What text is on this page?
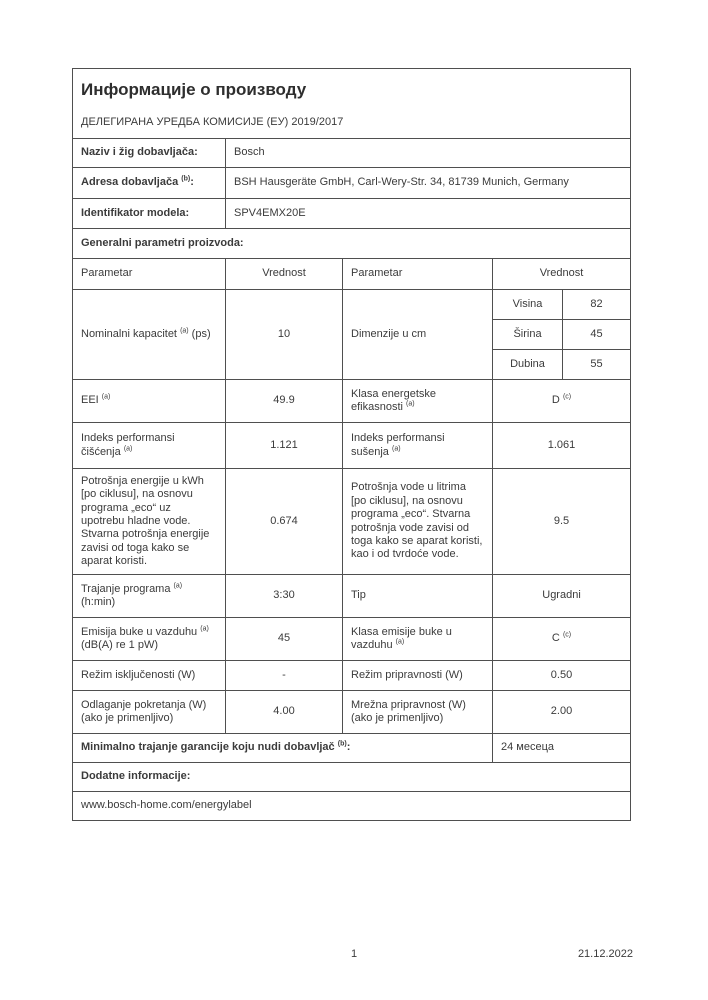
Информације о производу
ДЕЛЕГИРАНА УРЕДБА КОМИСИЈЕ (ЕУ) 2019/2017				

Naziv i žig dobavljača:	Bosch			
Adresa dobavljača $^{(b)}$:	BSH Hausgeräte GmbH, Carl-Wery-Str. 34, 81739 Munich, Germany			
Identifikator modela:	SPV4EMX20E			
Generalni parametri proizvoda:				
Parametar	Vrednost	Parametar	Vrednost	
Nominalni kapacitet $^{(a)}$ (ps)	10	Dimenzije u cm	Visina	82
			Širina	45
			Dubina	55
EEI $^{(a)}$	49.9	Klasa energetske efikasnosti $^{(a)}$	D $^{(c)}$
Indeks performansi čišćenja $^{(a)}$	1.121	Indeks performansi sušenja $^{(a)}$	1.061	
Potrošnja energije u kWh [po ciklusu], na osnovu programa „eco“ uz upotrebu hladne vode. Stvarna potrošnja energije zavisi od toga kako se aparat koristi.	0.674	Potrošnja vode u litrima [po ciklusu], na osnovu programa „eco“. Stvarna potrošnja vode zavisi od toga kako se aparat koristi, kao i od tvrdoće vode.	9.5	
Trajanje programa $^{(a)}$ (h:min)	3:30	Tip	Ugradni	
Emisija buke u vazduhu $^{(a)}$ (dB(A) re 1 pW)	45	Klasa emisije buke u vazduhu $^{(a)}$	C $^{(c)}$
Režim isključenosti (W)	-	Režim pripravnosti (W)	0.50	
Odlaganje pokretanja (W) (ako je primenljivo)	4.00	Mrežna pripravnost (W) (ako je primenljivo)	2.00	
Minimalno trajanje garancije koju nudi dobavljač $^{(b)}$:			24 месеца	
Dodatne informacije:				
www.bosch-home.com/energylabel				
1	21.12.2022
